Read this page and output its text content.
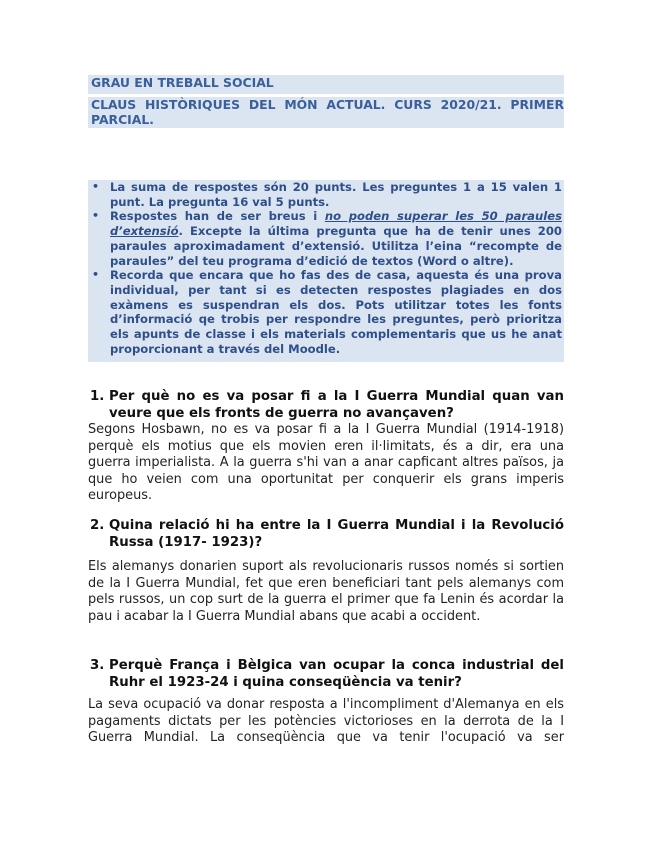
GRAU EN TREBALL SOCIAL
CLAUS HISTÒRIQUES DEL MÓN ACTUAL. CURS 2020/21. PRIMER
PARCIAL.
• La suma de respostes són 20 punts. Les preguntes 1 a 15 valen 1 punt. La pregunta 16 val 5 punts.
• Respostes han de ser breus i no poden superar les 50 paraules d’extensió. Excepte la última pregunta que ha de tenir unes 200 paraules aproximadament d’extensió. Utilitza l’eina “recompte de paraules” del teu programa d’edició de textos (Word o altre).
• Recorda que encara que ho fas des de casa, aquesta és una prova individual, per tant si es detecten respostes plagiades en dos exàmens es suspendran els dos. Pots utilitzar totes les fonts d’informació qe trobis per respondre les preguntes, però prioritza els apunts de classe i els materials complementaris que us he anat proporcionant a través del Moodle.
1. Per què no es va posar fi a la I Guerra Mundial quan van veure que els fronts de guerra no avançaven?
Segons Hosbawn, no es va posar fi a la I Guerra Mundial (1914-1918)
perquè els motius que els movien eren il·limitats, és a dir, era una
guerra imperialista. A la guerra s'hi van a anar capficant altres països, ja
que ho veien com una oportunitat per conquerir els grans imperis
europeus.
2. Quina relació hi ha entre la I Guerra Mundial i la Revolució Russa (1917- 1923)?
Els alemanys donarien suport als revolucionaris russos només si sortien
de la I Guerra Mundial, fet que eren beneficiari tant pels alemanys com
pels russos, un cop surt de la guerra el primer que fa Lenin és acordar la
pau i acabar la I Guerra Mundial abans que acabi a occident.
3. Perquè França i Bèlgica van ocupar la conca industrial del Ruhr el 1923-24 i quina conseqüència va tenir?
La seva ocupació va donar resposta a l'incompliment d'Alemanya en els
pagaments dictats per les potències victorioses en la derrota de la I
Guerra Mundial. La conseqüència que va tenir l'ocupació va ser
